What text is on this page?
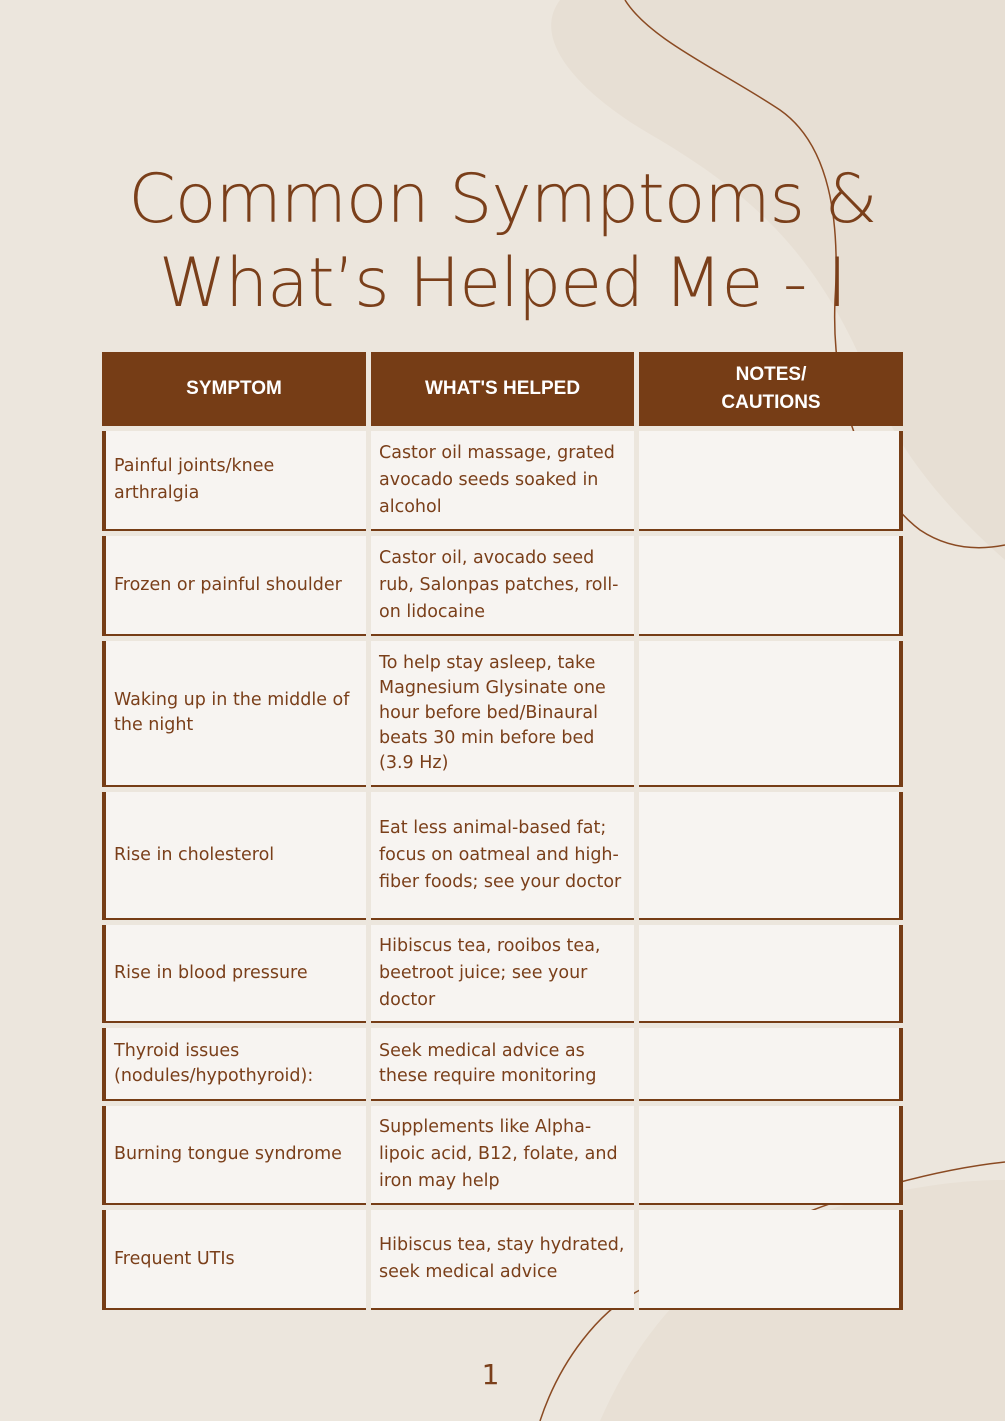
Common Symptoms &
What’s Helped Me - I
SYMPTOM	WHAT'S HELPED
NOTES/ CAUTIONS
Painful joints/knee arthralgia
Castor oil massage, grated avocado seeds soaked in alcohol
Frozen or painful shoulder
Castor oil, avocado seed rub, Salonpas patches, roll-on lidocaine
Waking up in the middle of the night
To help stay asleep, take Magnesium Glysinate one hour before bed/Binaural beats 30 min before bed (3.9 Hz)
Rise in cholesterol
Eat less animal-based fat; focus on oatmeal and high-fiber foods; see your doctor
Rise in blood pressure
Hibiscus tea, rooibos tea, beetroot juice; see your doctor
Thyroid issues (nodules/hypothyroid):
Seek medical advice as these require monitoring
Burning tongue syndrome
Supplements like Alpha-lipoic acid, B12, folate, and iron may help
Frequent UTIs
Hibiscus tea, stay hydrated, seek medical advice
1
